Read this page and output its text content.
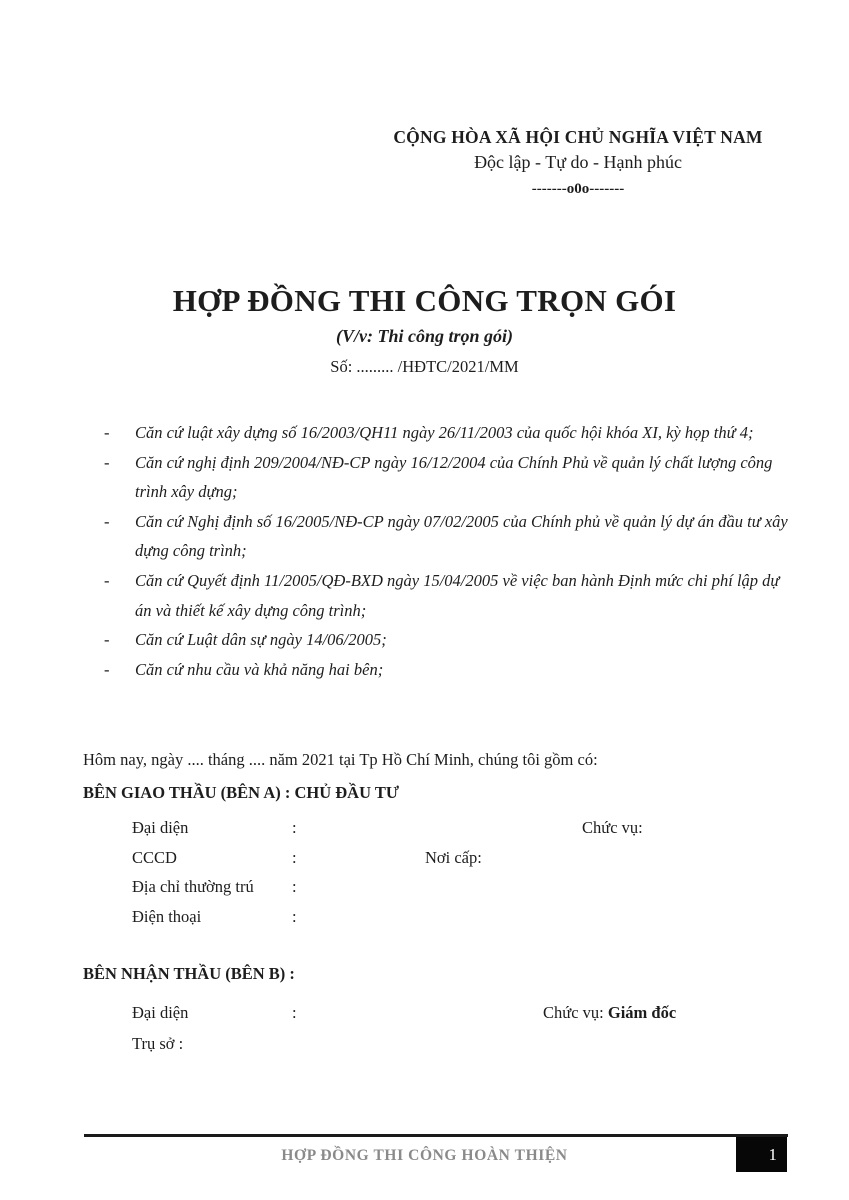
CỘNG HÒA XÃ HỘI CHỦ NGHĨA VIỆT NAM
Độc lập - Tự do - Hạnh phúc
-------o0o-------
HỢP ĐỒNG THI CÔNG TRỌN GÓI
(V/v: Thi công trọn gói)
Số: ......... /HĐTC/2021/MM
- Căn cứ luật xây dựng số 16/2003/QH11 ngày 26/11/2003 của quốc hội khóa XI, kỳ họp thứ 4;
- Căn cứ nghị định 209/2004/NĐ-CP ngày 16/12/2004 của Chính Phủ về quản lý chất lượng công trình xây dựng;
- Căn cứ Nghị định số 16/2005/NĐ-CP ngày 07/02/2005 của Chính phủ về quản lý dự án đầu tư xây dựng công trình;
- Căn cứ Quyết định 11/2005/QĐ-BXD ngày 15/04/2005 về việc ban hành Định mức chi phí lập dự án và thiết kế xây dựng công trình;
- Căn cứ Luật dân sự ngày 14/06/2005;
- Căn cứ nhu cầu và khả năng hai bên;

Hôm nay, ngày .... tháng .... năm 2021 tại Tp Hồ Chí Minh, chúng tôi gồm có:

BÊN GIAO THẦU (BÊN A) : CHỦ ĐẦU TƯ
Đại diện	:	Chức vụ:
CCCD	:	Nơi cấp:
Địa chỉ thường trú :
Điện thoại	:
BÊN NHẬN THẦU (BÊN B) :
Đại diện	:	Chức vụ: Giám đốc
Trụ sở :
HỢP ĐỒNG THI CÔNG HOÀN THIỆN	1
